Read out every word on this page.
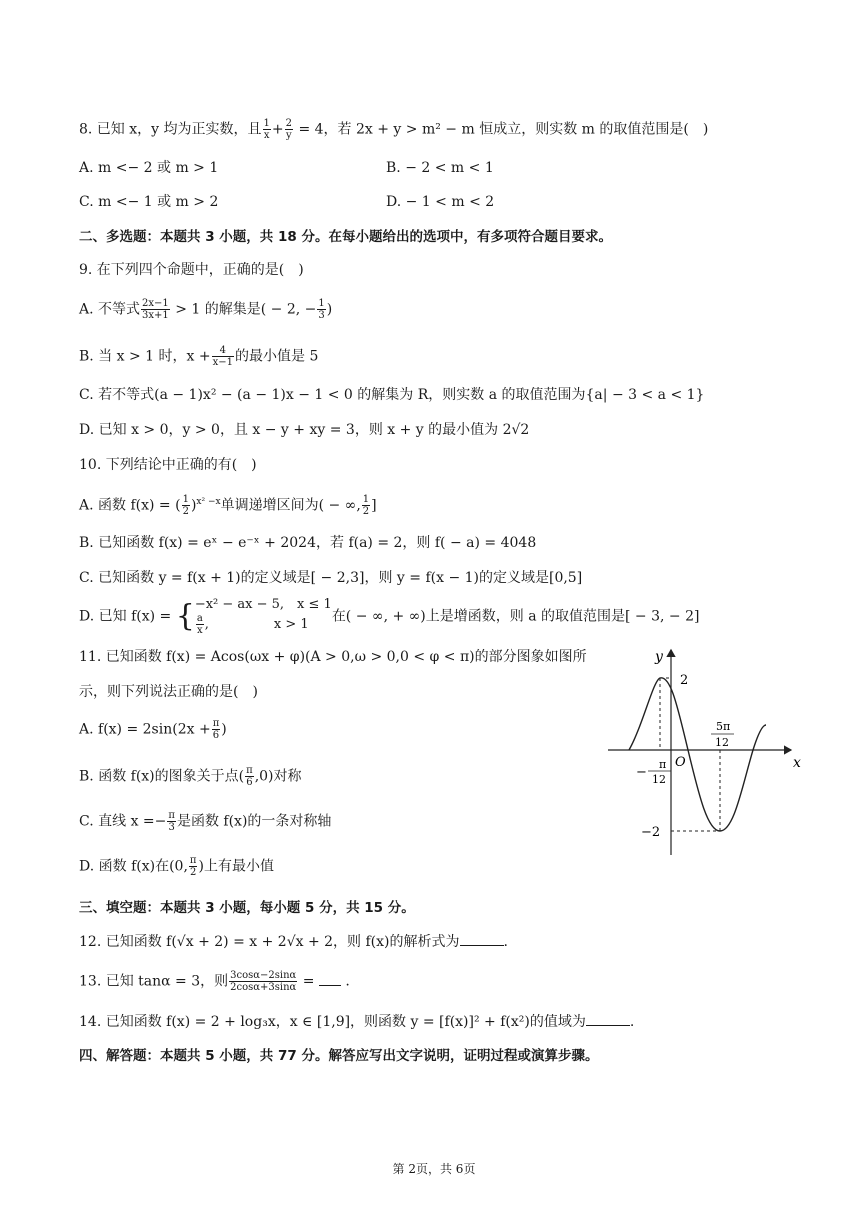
8. 已知 x，y 均为正实数，且 $\frac{1}{x} + \frac{2}{y} = 4$，若 2x + y > m² − m 恒成立，则实数 m 的取值范围是(　)
A. m <− 2 或 m > 1	B. − 2 < m < 1
C. m <− 1 或 m > 2	D. − 1 < m < 2
二、多选题：本题共 3 小题，共 18 分。在每小题给出的选项中，有多项符合题目要求。
9. 在下列四个命题中，正确的是(　)
A. 不等式 $\frac{2x-1}{3x+1} > 1$ 的解集是( − 2, − $\frac{1}{3}$ )
B. 当 x > 1 时，$x + \frac{4}{x-1}$ 的最小值是 5
C. 若不等式(a − 1)x² − (a − 1)x − 1 < 0 的解集为 R，则实数 a 的取值范围为{a| − 3 < a < 1}
D. 已知 x > 0，y > 0，且 x − y + xy = 3，则 x + y 的最小值为 2√2
10. 下列结论中正确的有(　)
A. 函数 f(x) = ( $\frac{1}{2} )^{x^2 -x}$单调递增区间为( − ∞, $\frac{1}{2}$ ]
B. 已知函数 f(x) = eˣ − e⁻ˣ + 2024，若 f(a) = 2，则 f( − a) = 4048
C. 已知函数 y = f(x + 1)的定义域是[ − 2,3]，则 y = f(x − 1)的定义域是[0,5]
D. 已知 f(x) = { −x² − ax − 5,　x ≤ 1
$\frac{a}{x}$ ,　　　　　x > 1	在( − ∞, + ∞)上是增函数，则 a 的取值范围是[ − 3, − 2]
11. 已知函数 f(x) = Acos(ωx + φ)(A > 0,ω > 0,0 < φ < π)的部分图象如图所
示，则下列说法正确的是(　)
A. $f(x) = 2\sin(2x + \frac{\pi}{6}$ )
B. 函数 f(x)的图象关于点( $\frac{\pi}{6} ,0$)对称
C. 直线 $x =- \frac{\pi}{3}$ 是函数 f(x)的一条对称轴
D. 函数 f(x)在(0, $\frac{\pi}{2}$ )上有最小值
y
x
O
2
−2
−
π
12
5π
12
三、填空题：本题共 3 小题，每小题 5 分，共 15 分。
12. 已知函数 f(√x + 2) = x + 2√x + 2，则 f(x)的解析式为	.
13. 已知 tanα = 3，则 $\frac{3\cos\alpha-2\sin\alpha}{2\cos\alpha+3\sin\alpha}$ =  .
14. 已知函数 f(x) = 2 + log₃x，x ∈ [1,9]，则函数 y = [f(x)]² + f(x²)的值域为	.
四、解答题：本题共 5 小题，共 77 分。解答应写出文字说明，证明过程或演算步骤。
第 2页，共 6页
